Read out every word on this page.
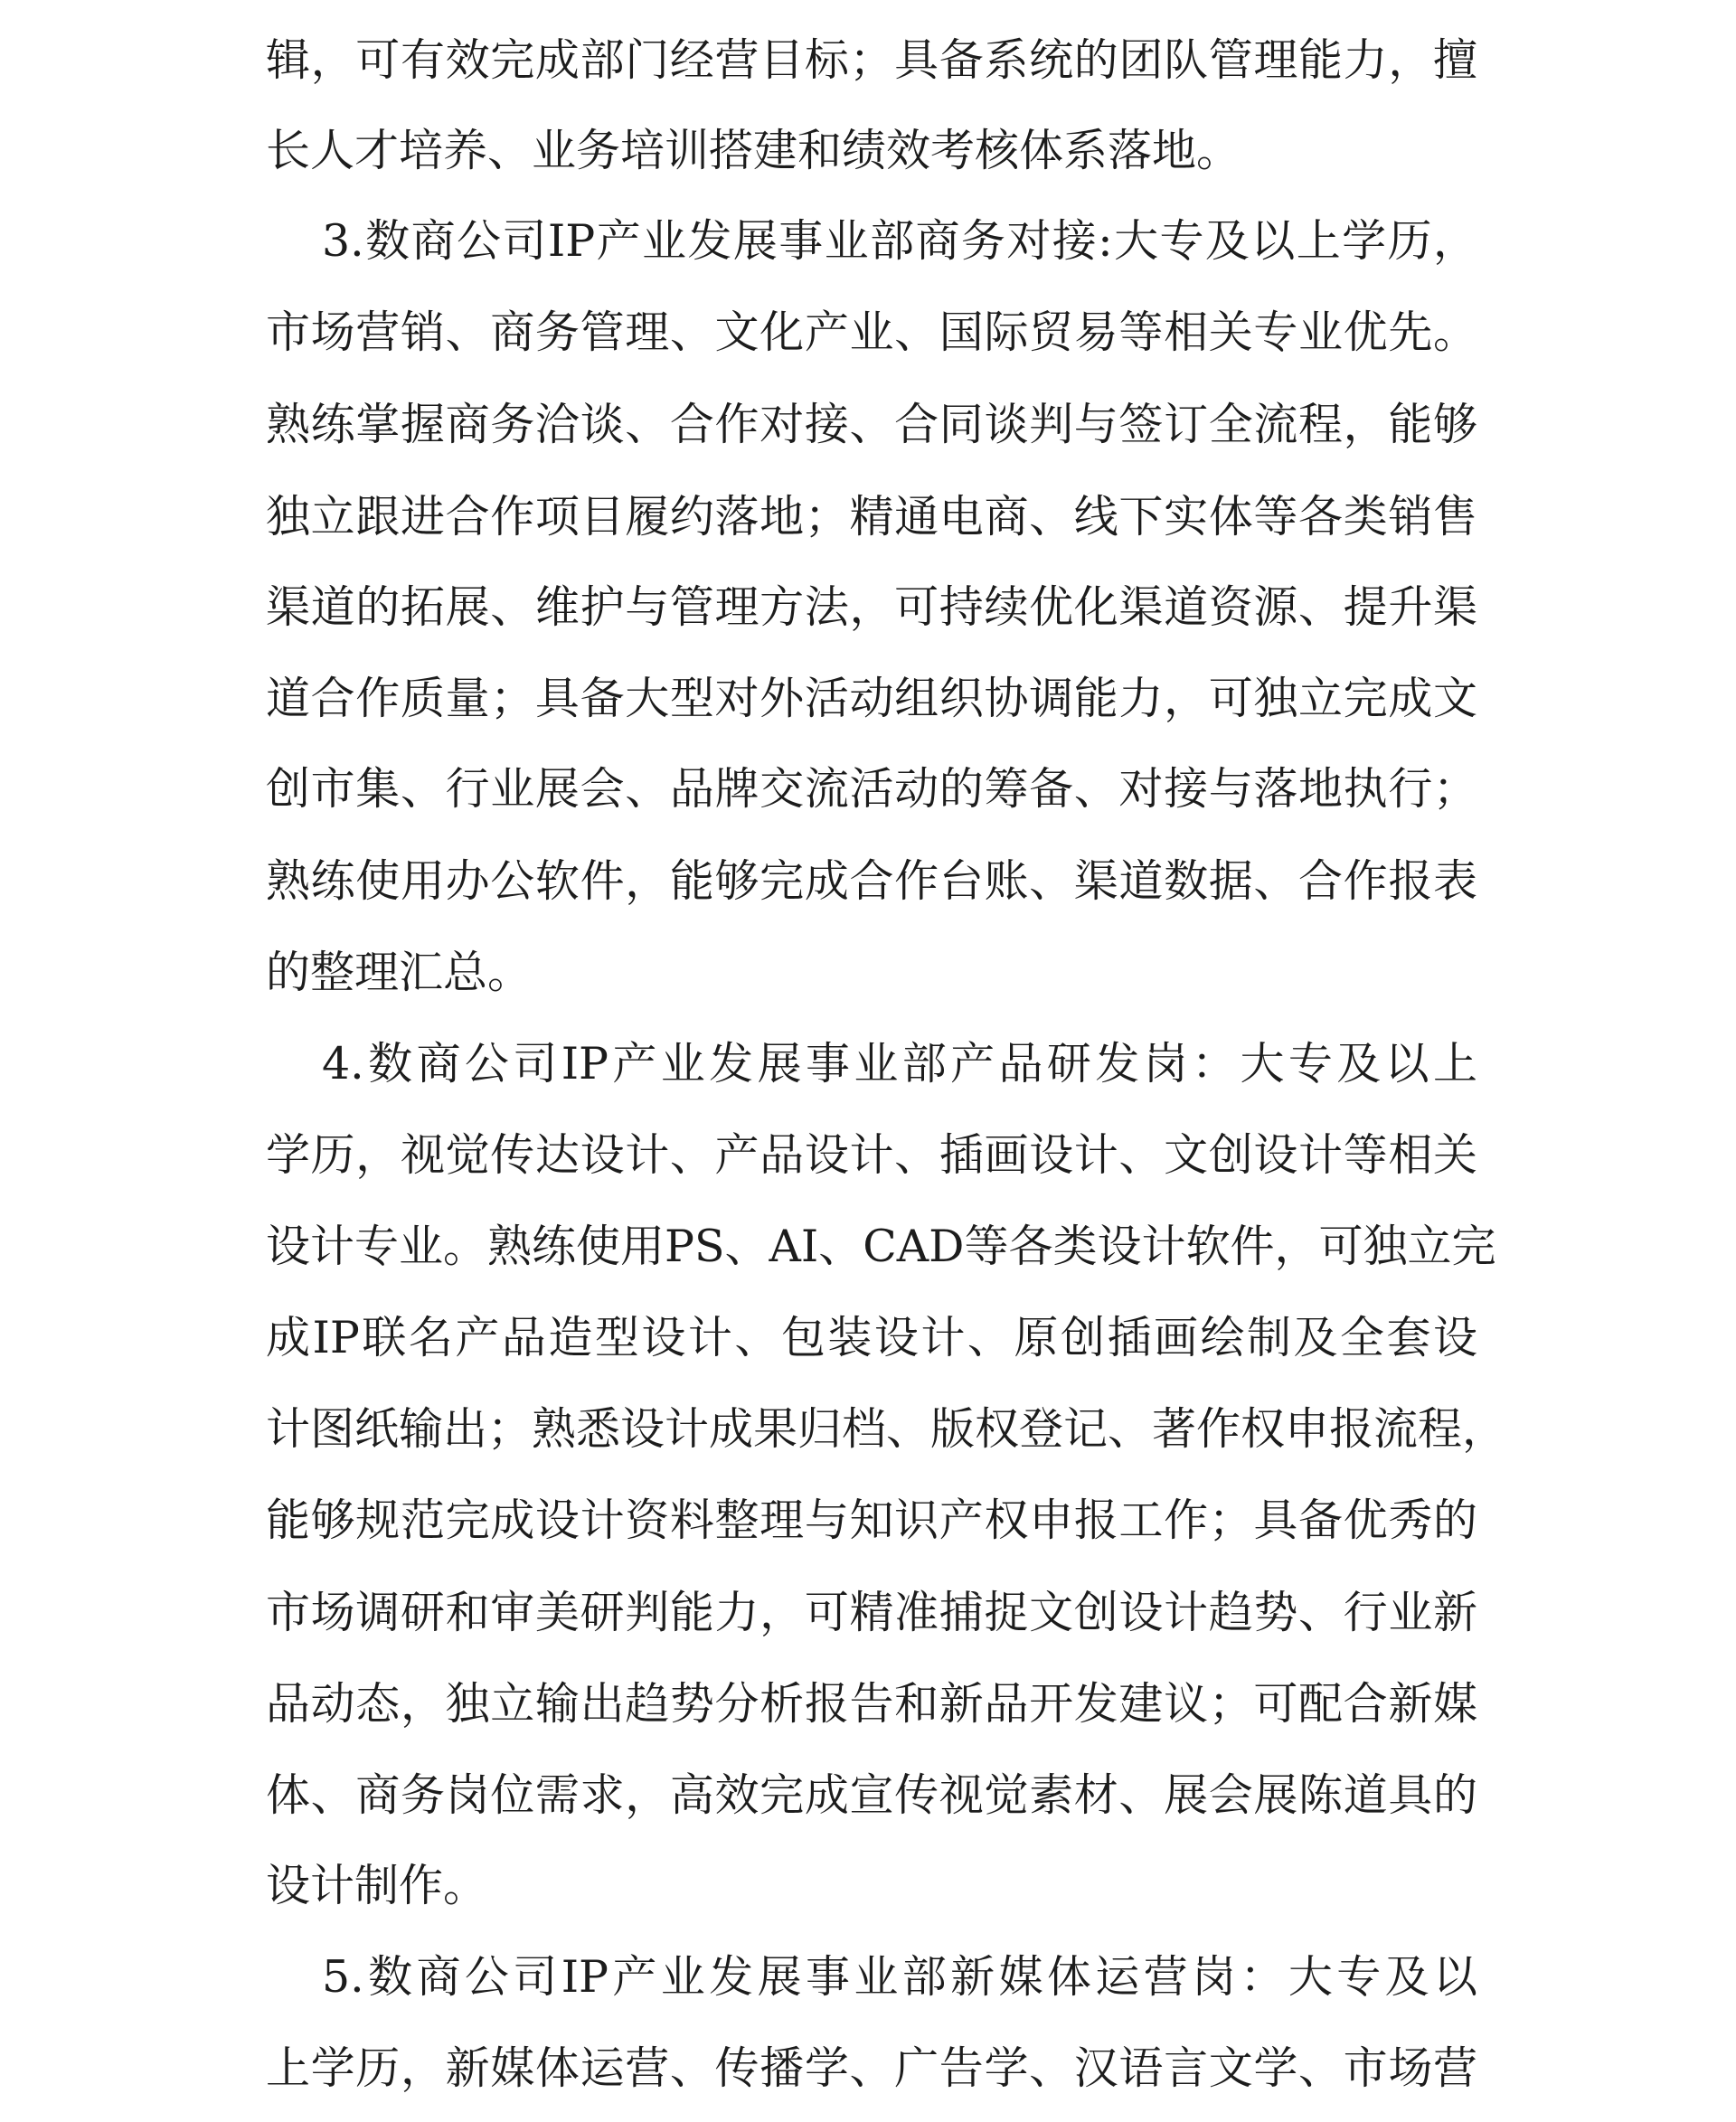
辑，可有效完成部门经营目标；具备系统的团队管理能力，擅
长人才培养、业务培训搭建和绩效考核体系落地。
3.数商公司IP产业发展事业部商务对接:大专及以上学历，
市场营销、商务管理、文化产业、国际贸易等相关专业优先。
熟练掌握商务洽谈、合作对接、合同谈判与签订全流程，能够
独立跟进合作项目履约落地；精通电商、线下实体等各类销售
渠道的拓展、维护与管理方法，可持续优化渠道资源、提升渠
道合作质量；具备大型对外活动组织协调能力，可独立完成文
创市集、行业展会、品牌交流活动的筹备、对接与落地执行；
熟练使用办公软件，能够完成合作台账、渠道数据、合作报表
的整理汇总。
4.数商公司IP产业发展事业部产品研发岗：大专及以上
学历，视觉传达设计、产品设计、插画设计、文创设计等相关
设计专业。熟练使用PS、AI、CAD等各类设计软件，可独立完
成IP联名产品造型设计、包装设计、原创插画绘制及全套设
计图纸输出；熟悉设计成果归档、版权登记、著作权申报流程，
能够规范完成设计资料整理与知识产权申报工作；具备优秀的
市场调研和审美研判能力，可精准捕捉文创设计趋势、行业新
品动态，独立输出趋势分析报告和新品开发建议；可配合新媒
体、商务岗位需求，高效完成宣传视觉素材、展会展陈道具的
设计制作。
5.数商公司IP产业发展事业部新媒体运营岗：大专及以
上学历，新媒体运营、传播学、广告学、汉语言文学、市场营
